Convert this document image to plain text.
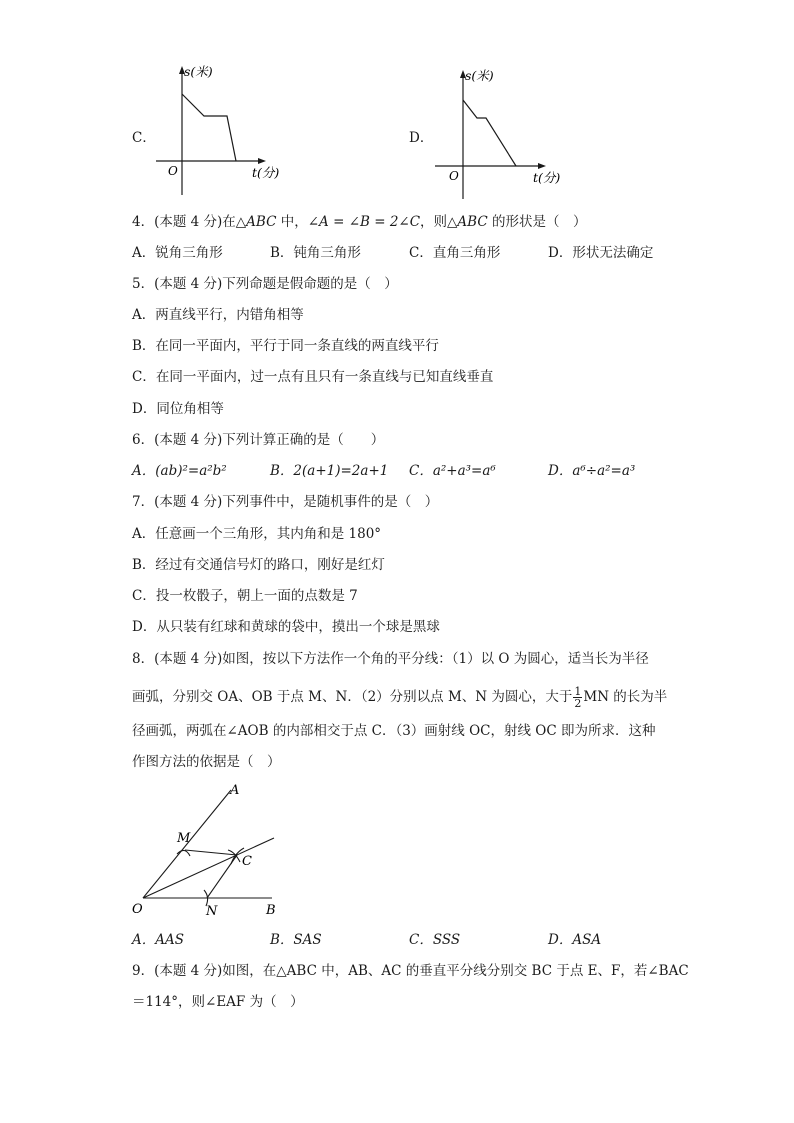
C．
s(米)
t(分)
O
D．
s(米)
t(分)
O
4．(本题 4 分)在△ABC 中，∠A = ∠B = 2∠C，则△ABC 的形状是（　）
A．锐角三角形	B．钝角三角形	C．直角三角形	D．形状无法确定
5．(本题 4 分)下列命题是假命题的是（　）
A．两直线平行，内错角相等
B．在同一平面内，平行于同一条直线的两直线平行
C．在同一平面内，过一点有且只有一条直线与已知直线垂直
D．同位角相等
6．(本题 4 分)下列计算正确的是（　　）
A．(ab)²=a²b²	B．2(a+1)=2a+1 C．a²+a³=a⁶	D．a⁶÷a²=a³
7．(本题 4 分)下列事件中，是随机事件的是（　）
A．任意画一个三角形，其内角和是 180°
B．经过有交通信号灯的路口，刚好是红灯
C．投一枚骰子，朝上一面的点数是 7
D．从只装有红球和黄球的袋中，摸出一个球是黑球
8．(本题 4 分)如图，按以下方法作一个角的平分线：（1）以 O 为圆心，适当长为半径
画弧，分别交 OA、OB 于点 M、N．（2）分别以点 M、N 为圆心，大于 $\frac{1}{2}$ MN 的长为半
径画弧，两弧在∠AOB 的内部相交于点 C．（3）画射线 OC，射线 OC 即为所求．这种
作图方法的依据是（　）
A
M
C
O	N	B
A．AAS	B．SAS	C．SSS	D．ASA
9．(本题 4 分)如图，在△ABC 中，AB、AC 的垂直平分线分别交 BC 于点 E、F，若∠BAC
＝114°，则∠EAF 为（　）
